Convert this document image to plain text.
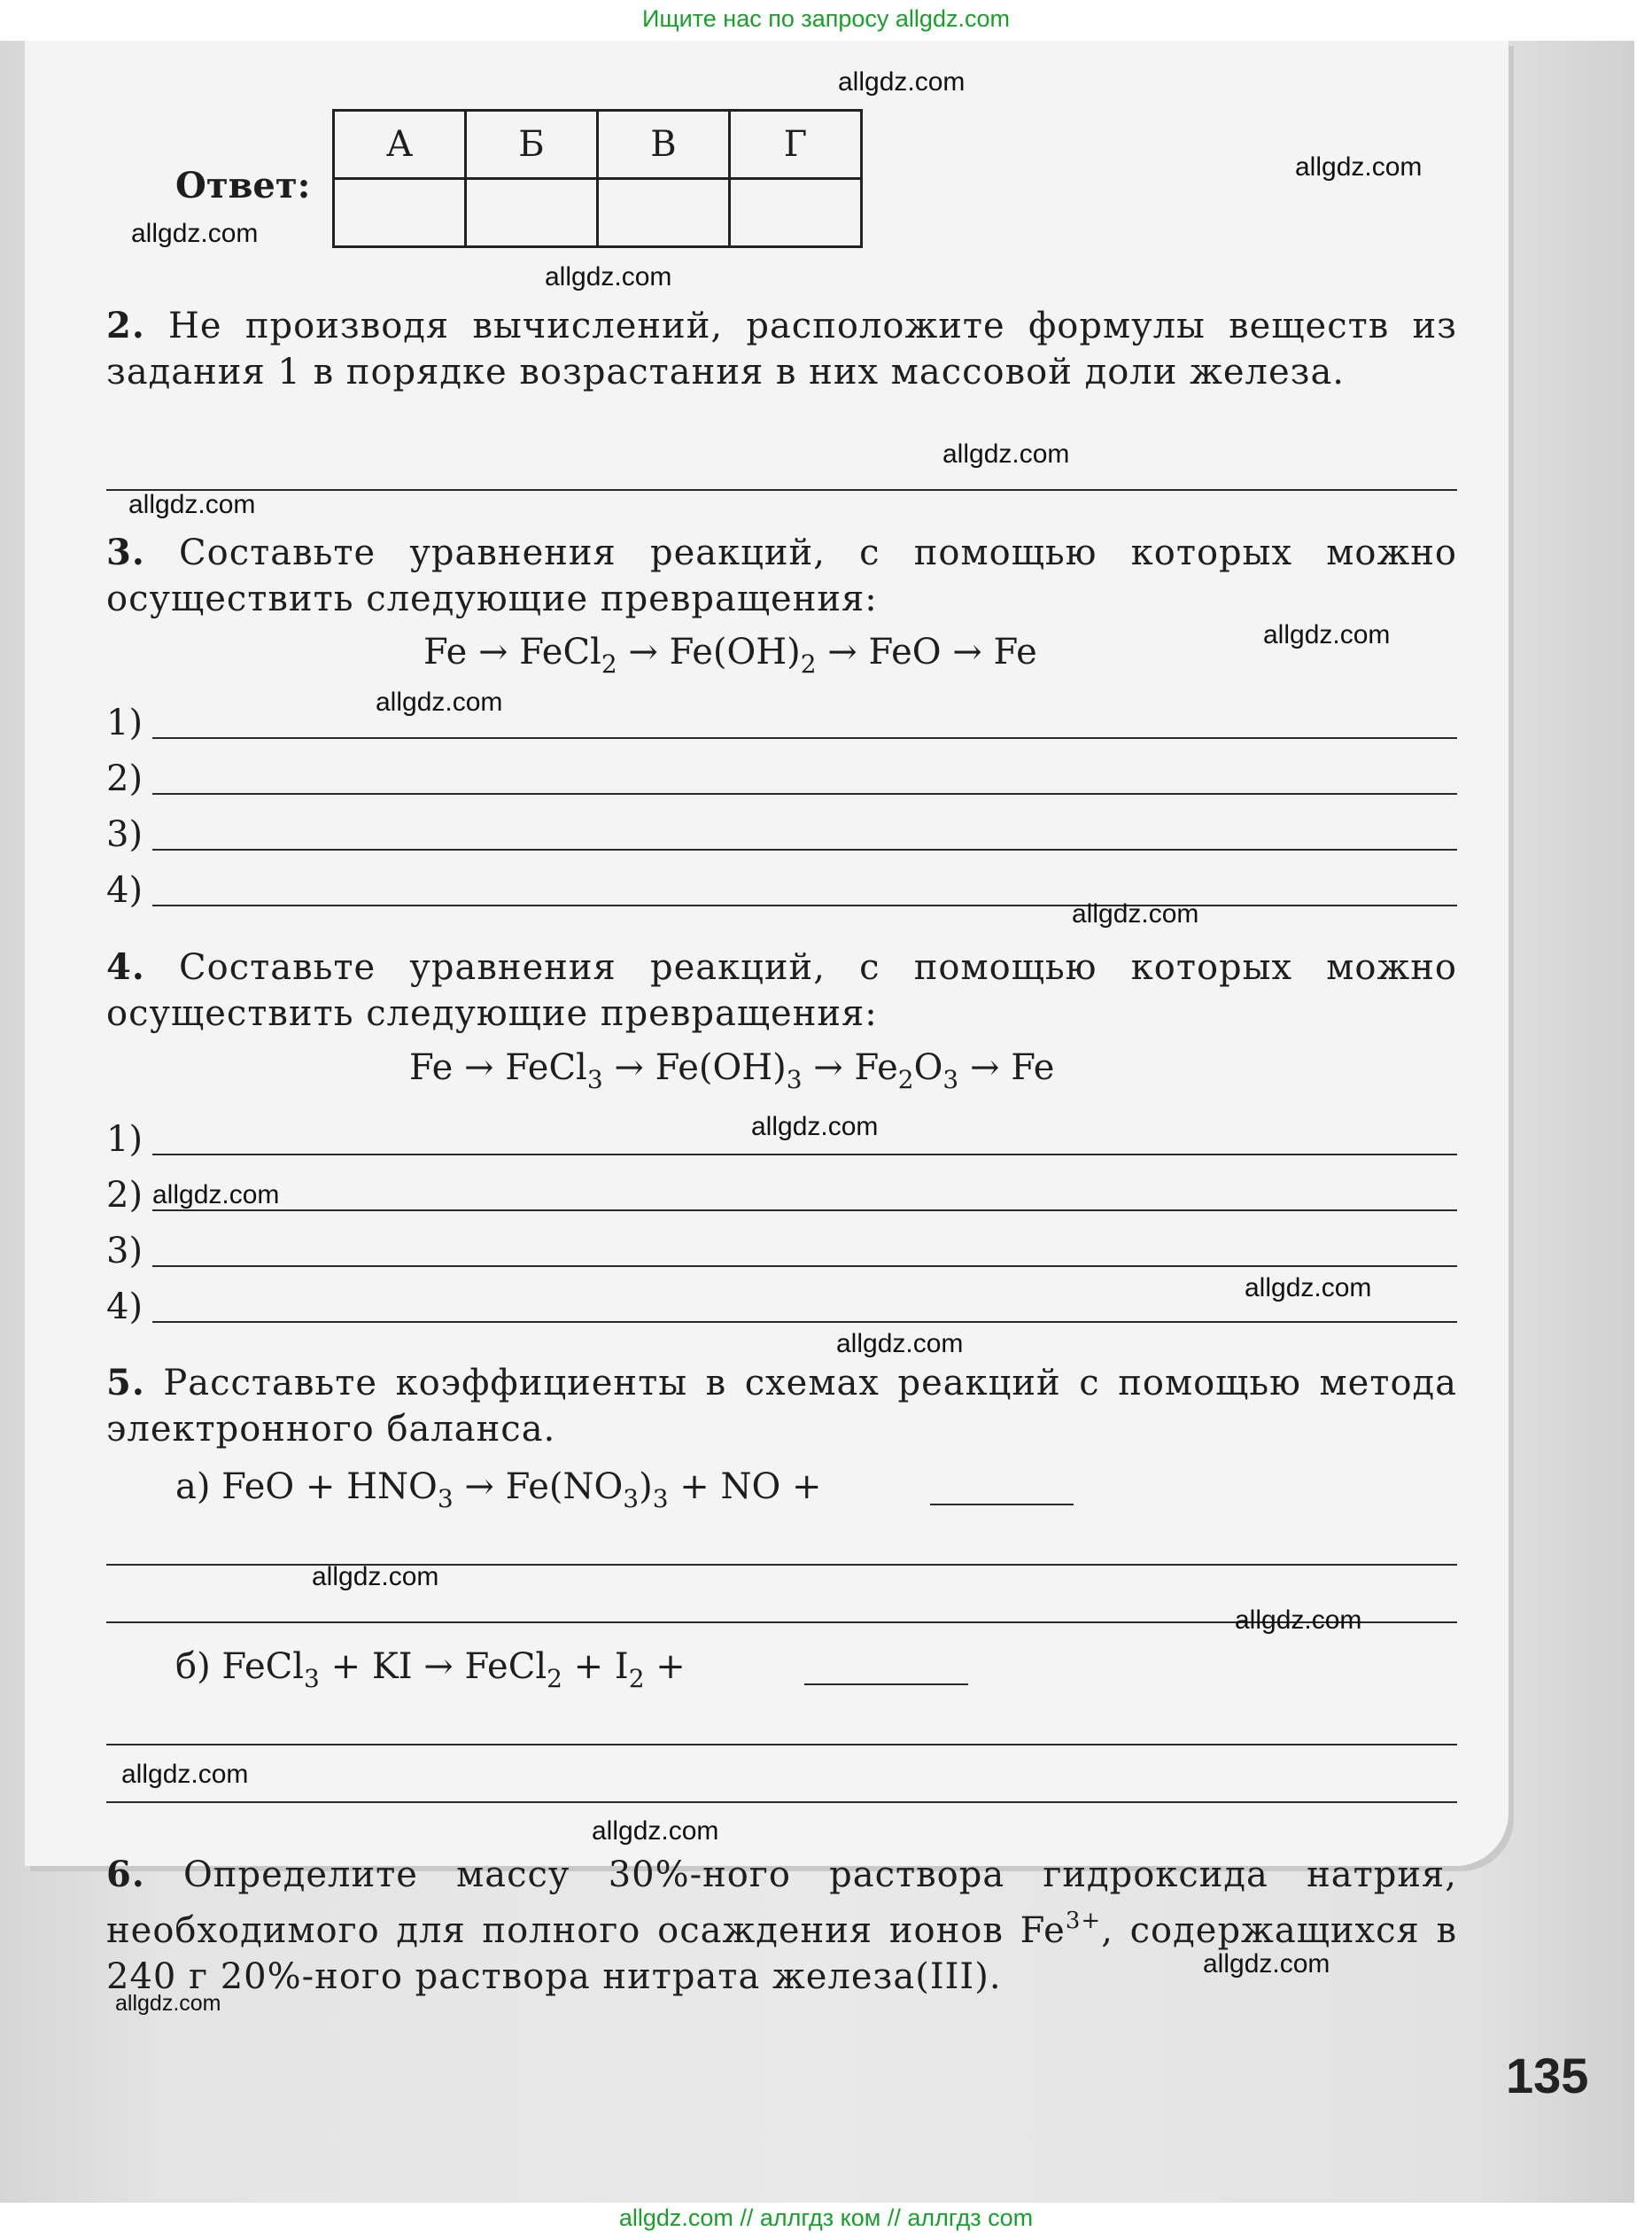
Ищите нас по запросу allgdz.com
Ответ:
А	Б	В	Г

2. Не производя вычислений, расположите формулы веществ из задания 1 в порядке возрастания в них массовой доли железа.

3. Составьте уравнения реакций, с помощью которых можно осуществить следующие превращения:

Fe → FeCl$_2$ → $Fe(OH)_2$ → FeO → Fe
1)
2)
3)
4)

4. Составьте уравнения реакций, с помощью которых можно осуществить следующие превращения:

Fe → FeCl$_3$ → $Fe(OH)_3 \to Fe_2O_3 \to Fe$
1)
2)
3)
4)

5. Расставьте коэффициенты в схемах реакций с помощью метода электронного баланса.

а) FeO + $HNO_3 \to Fe(NO_3)_3$ + NO +
б) FeCl$_3$ + KI → FeCl$_2$ + $I_2$ +

6. Определите массу 30%-ного раствора гидроксида натрия, необходимого для полного осаждения ионов $Fe^{3+}$, содержащихся в 240 г 20%-ного раствора нитрата железа(III).

135
allgdz.com
allgdz.com
allgdz.com
allgdz.com
allgdz.com
allgdz.com
allgdz.com
allgdz.com
allgdz.com
allgdz.com
allgdz.com
allgdz.com
allgdz.com
allgdz.com
allgdz.com
allgdz.com
allgdz.com
allgdz.com
allgdz.com
allgdz.com // аллгдз ком // аллгдз сom
